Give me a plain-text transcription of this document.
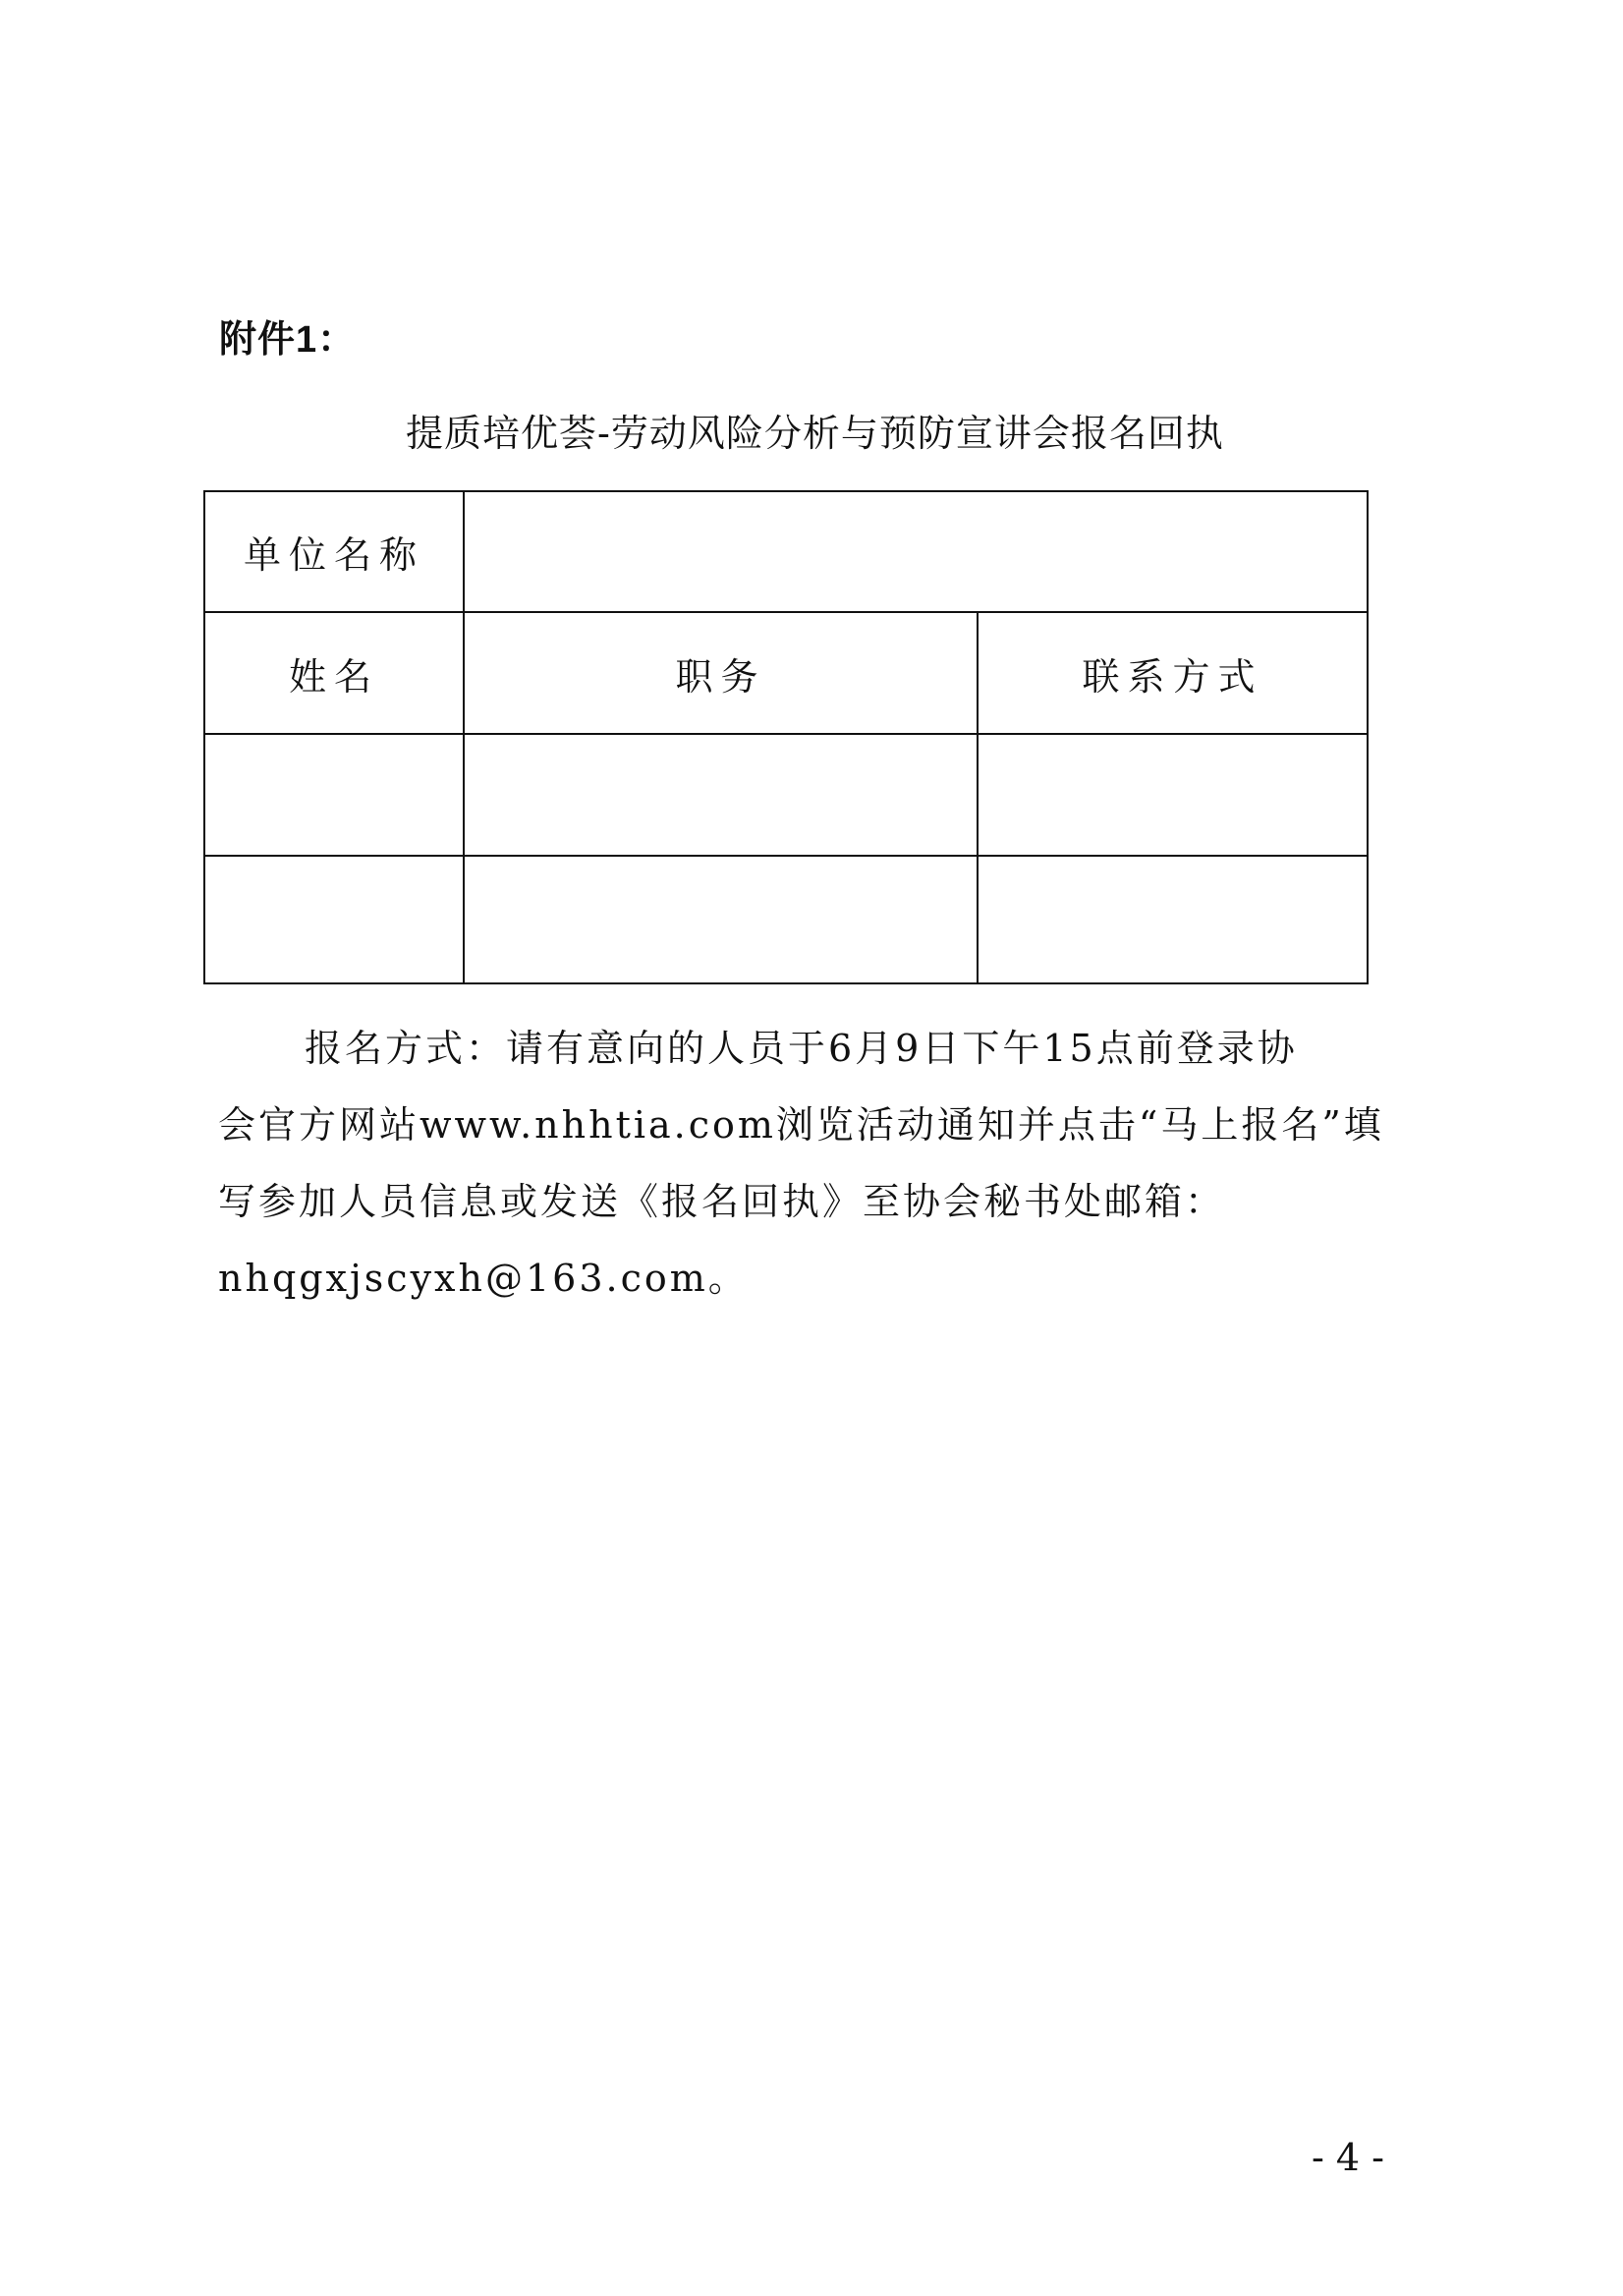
附件1：
提质培优荟-劳动风险分析与预防宣讲会报名回执
单位名称		
姓名	职务	联系方式

报名方式：请有意向的人员于6月9日下午15点前登录协
会官方网站www.nhhtia.com浏览活动通知并点击“马上报名”填
写参加人员信息或发送《报名回执》至协会秘书处邮箱：
nhqgxjscyxh@163.com。
- 4 -
